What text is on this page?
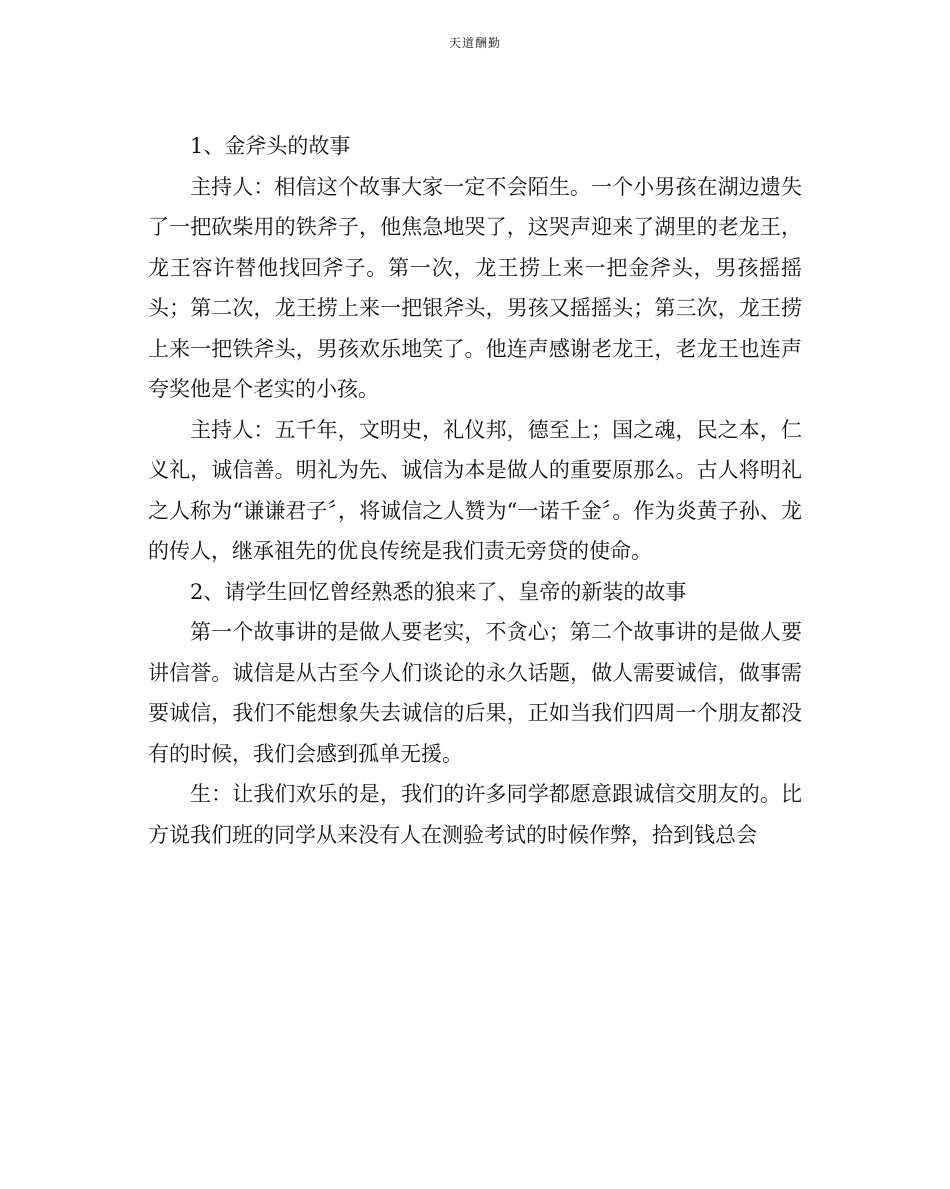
天道酬勤

1、金斧头的故事

主持人：相信这个故事大家一定不会陌生。一个小男孩在湖边遗失了一把砍柴用的铁斧子，他焦急地哭了，这哭声迎来了湖里的老龙王，龙王容许替他找回斧子。第一次，龙王捞上来一把金斧头，男孩摇摇头；第二次，龙王捞上来一把银斧头，男孩又摇摇头；第三次，龙王捞上来一把铁斧头，男孩欢乐地笑了。他连声感谢老龙王，老龙王也连声夸奖他是个老实的小孩。

主持人：五千年，文明史，礼仪邦，德至上；国之魂，民之本，仁义礼，诚信善。明礼为先、诚信为本是做人的重要原那么。古人将明礼之人称为“谦谦君子〞，将诚信之人赞为“一诺千金〞。作为炎黄子孙、龙的传人，继承祖先的优良传统是我们责无旁贷的使命。

2、请学生回忆曾经熟悉的狼来了、皇帝的新装的故事

第一个故事讲的是做人要老实，不贪心；第二个故事讲的是做人要讲信誉。诚信是从古至今人们谈论的永久话题，做人需要诚信，做事需要诚信，我们不能想象失去诚信的后果，正如当我们四周一个朋友都没有的时候，我们会感到孤单无援。

生：让我们欢乐的是，我们的许多同学都愿意跟诚信交朋友的。比方说我们班的同学从来没有人在测验考试的时候作弊，拾到钱总会
